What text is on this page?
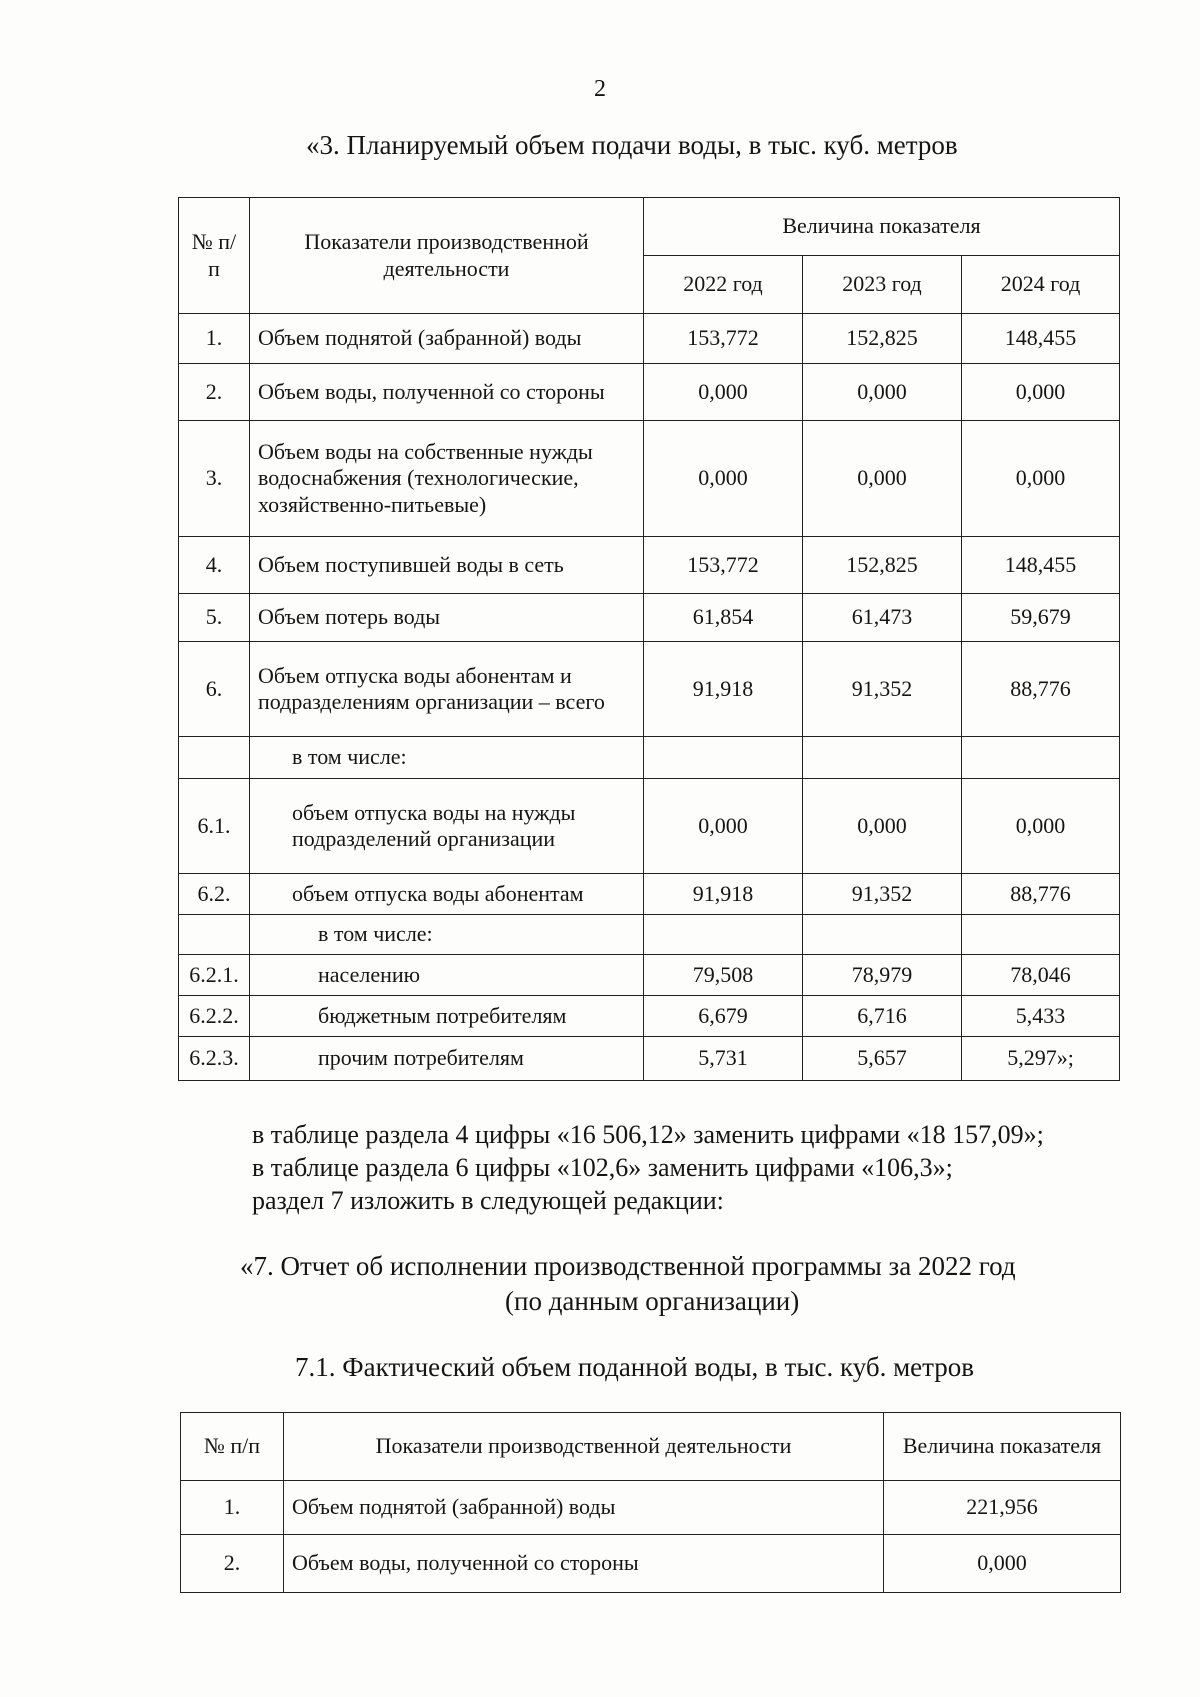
2
«3. Планируемый объем подачи воды, в тыс. куб. метров
№ п/п	Показатели производственной деятельности	Величина показателя		
		2022 год	2023 год	2024 год
1.	Объем поднятой (забранной) воды	153,772	152,825	148,455
2.	Объем воды, полученной со стороны	0,000	0,000	0,000
3.	Объем воды на собственные нужды водоснабжения (технологические, хозяйственно-питьевые)	0,000	0,000	0,000
4.	Объем поступившей воды в сеть	153,772	152,825	148,455
5.	Объем потерь воды	61,854	61,473	59,679
6.	Объем отпуска воды абонентам и подразделениям организации – всего	91,918	91,352	88,776
	в том числе:			
6.1.	объем отпуска воды на нужды подразделений организации	0,000	0,000	0,000
6.2.	объем отпуска воды абонентам	91,918	91,352	88,776
	в том числе:			
6.2.1.	населению	79,508	78,979	78,046
6.2.2.	бюджетным потребителям	6,679	6,716	5,433
6.2.3.	прочим потребителям	5,731	5,657	5,297»;
в таблице раздела 4 цифры «16 506,12» заменить цифрами «18 157,09»;
в таблице раздела 6 цифры «102,6» заменить цифрами «106,3»;
раздел 7 изложить в следующей редакции:
«7. Отчет об исполнении производственной программы за 2022 год
(по данным организации)
7.1. Фактический объем поданной воды, в тыс. куб. метров
№ п/п	Показатели производственной деятельности	Величина показателя
1.	Объем поднятой (забранной) воды	221,956
2.	Объем воды, полученной со стороны	0,000
